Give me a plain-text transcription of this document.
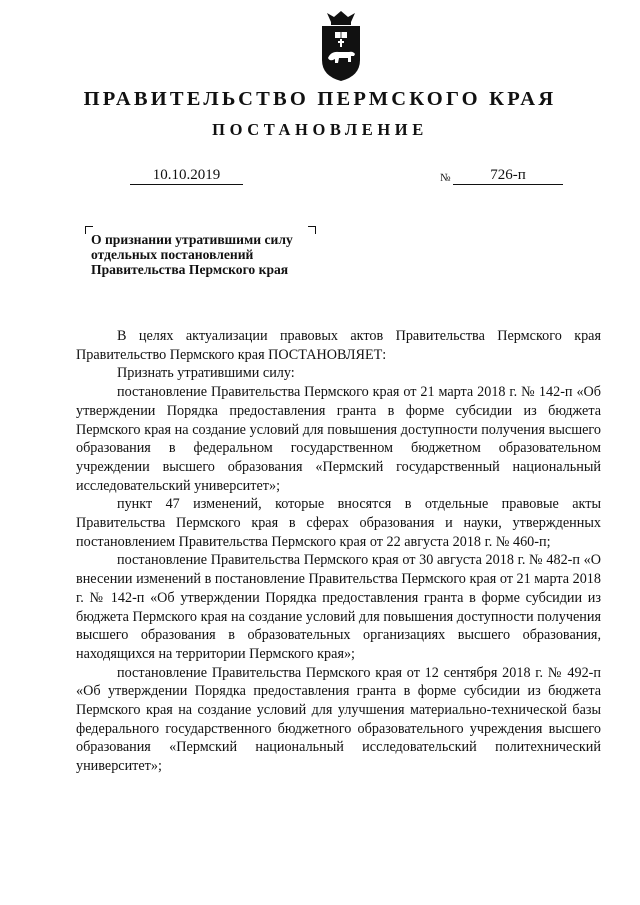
ПРАВИТЕЛЬСТВО ПЕРМСКОГО КРАЯ
ПОСТАНОВЛЕНИЕ
10.10.2019	№	726-п
О признании утратившими силу
отдельных постановлений
Правительства Пермского края

В целях актуализации правовых актов Правительства Пермского края Правительство Пермского края ПОСТАНОВЛЯЕТ:

Признать утратившими силу:

постановление Правительства Пермского края от 21 марта 2018 г. № 142-п «Об утверждении Порядка предоставления гранта в форме субсидии из бюджета Пермского края на создание условий для повышения доступности получения высшего образования в федеральном государственном бюджетном образовательном учреждении высшего образования «Пермский государственный национальный исследовательский университет»;

пункт 47 изменений, которые вносятся в отдельные правовые акты Правительства Пермского края в сферах образования и науки, утвержденных постановлением Правительства Пермского края от 22 августа 2018 г. № 460-п;

постановление Правительства Пермского края от 30 августа 2018 г. № 482-п «О внесении изменений в постановление Правительства Пермского края от 21 марта 2018 г. № 142-п «Об утверждении Порядка предоставления гранта в форме субсидии из бюджета Пермского края на создание условий для повышения доступности получения высшего образования в образовательных организациях высшего образования, находящихся на территории Пермского края»;

постановление Правительства Пермского края от 12 сентября 2018 г. № 492-п «Об утверждении Порядка предоставления гранта в форме субсидии из бюджета Пермского края на создание условий для улучшения материально-технической базы федерального государственного бюджетного образовательного учреждения высшего образования «Пермский национальный исследовательский политехнический университет»;
